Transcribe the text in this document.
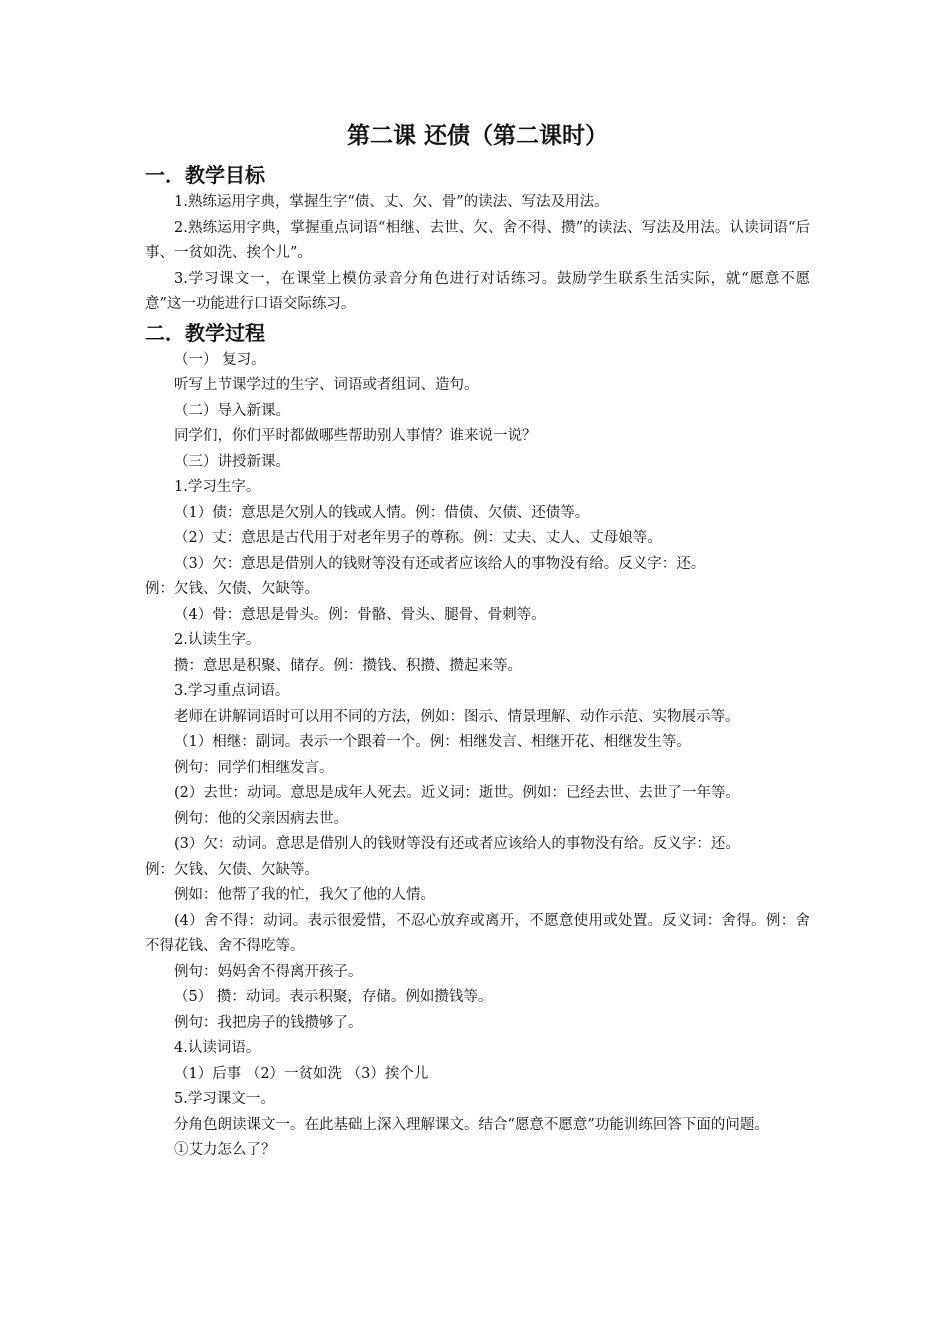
第二课 还债（第二课时）
一．教学目标

1.熟练运用字典，掌握生字“债、丈、欠、骨”的读法、写法及用法。

2.熟练运用字典，掌握重点词语“相继、去世、欠、舍不得、攒”的读法、写法及用法。认读词语“后事、一贫如洗、挨个儿”。

3.学习课文一，在课堂上模仿录音分角色进行对话练习。鼓励学生联系生活实际，就“愿意不愿意”这一功能进行口语交际练习。

二．教学过程

（一） 复习。

听写上节课学过的生字、词语或者组词、造句。

（二）导入新课。

同学们，你们平时都做哪些帮助别人事情？谁来说一说？

（三）讲授新课。

1.学习生字。

（1）债：意思是欠别人的钱或人情。例：借债、欠债、还债等。

（2）丈：意思是古代用于对老年男子的尊称。例：丈夫、丈人、丈母娘等。

（3）欠：意思是借别人的钱财等没有还或者应该给人的事物没有给。反义字：还。

例：欠钱、欠债、欠缺等。

（4）骨：意思是骨头。例：骨骼、骨头、腿骨、骨刺等。

2.认读生字。

攒：意思是积聚、储存。例：攒钱、积攒、攒起来等。

3.学习重点词语。

老师在讲解词语时可以用不同的方法，例如：图示、情景理解、动作示范、实物展示等。

（1）相继：副词。表示一个跟着一个。例：相继发言、相继开花、相继发生等。

例句：同学们相继发言。

(2）去世：动词。意思是成年人死去。近义词：逝世。例如：已经去世、去世了一年等。

例句：他的父亲因病去世。

(3）欠：动词。意思是借别人的钱财等没有还或者应该给人的事物没有给。反义字：还。

例：欠钱、欠债、欠缺等。

例如：他帮了我的忙，我欠了他的人情。

(4）舍不得：动词。表示很爱惜，不忍心放弃或离开，不愿意使用或处置。反义词：舍得。例：舍不得花钱、舍不得吃等。

例句：妈妈舍不得离开孩子。

（5） 攒：动词。表示积聚，存储。例如攒钱等。

例句：我把房子的钱攒够了。

4.认读词语。

（1）后事 （2）一贫如洗 （3）挨个儿

5.学习课文一。

分角色朗读课文一。在此基础上深入理解课文。结合“愿意不愿意”功能训练回答下面的问题。

①艾力怎么了？
